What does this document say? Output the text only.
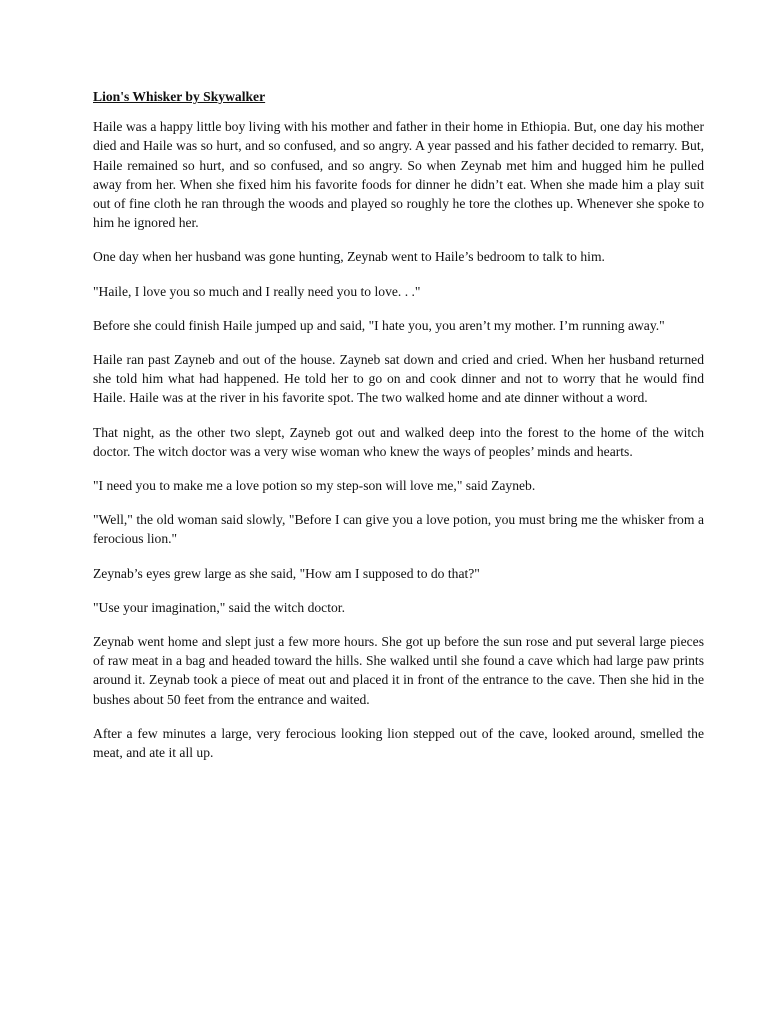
Lion's Whisker by Skywalker

Haile was a happy little boy living with his mother and father in their home in Ethiopia. But, one day his mother died and Haile was so hurt, and so confused, and so angry. A year passed and his father decided to remarry. But, Haile remained so hurt, and so confused, and so angry. So when Zeynab met him and hugged him he pulled away from her. When she fixed him his favorite foods for dinner he didn’t eat. When she made him a play suit out of fine cloth he ran through the woods and played so roughly he tore the clothes up. Whenever she spoke to him he ignored her.

One day when her husband was gone hunting, Zeynab went to Haile’s bedroom to talk to him.

"Haile, I love you so much and I really need you to love. . ."

Before she could finish Haile jumped up and said, "I hate you, you aren’t my mother. I’m running away."

Haile ran past Zayneb and out of the house. Zayneb sat down and cried and cried. When her husband returned she told him what had happened. He told her to go on and cook dinner and not to worry that he would find Haile. Haile was at the river in his favorite spot. The two walked home and ate dinner without a word.

That night, as the other two slept, Zayneb got out and walked deep into the forest to the home of the witch doctor. The witch doctor was a very wise woman who knew the ways of peoples’ minds and hearts.

"I need you to make me a love potion so my step-son will love me," said Zayneb.

"Well," the old woman said slowly, "Before I can give you a love potion, you must bring me the whisker from a ferocious lion."

Zeynab’s eyes grew large as she said, "How am I supposed to do that?"

"Use your imagination," said the witch doctor.

Zeynab went home and slept just a few more hours. She got up before the sun rose and put several large pieces of raw meat in a bag and headed toward the hills. She walked until she found a cave which had large paw prints around it. Zeynab took a piece of meat out and placed it in front of the entrance to the cave. Then she hid in the bushes about 50 feet from the entrance and waited.

After a few minutes a large, very ferocious looking lion stepped out of the cave, looked around, smelled the meat, and ate it all up.
